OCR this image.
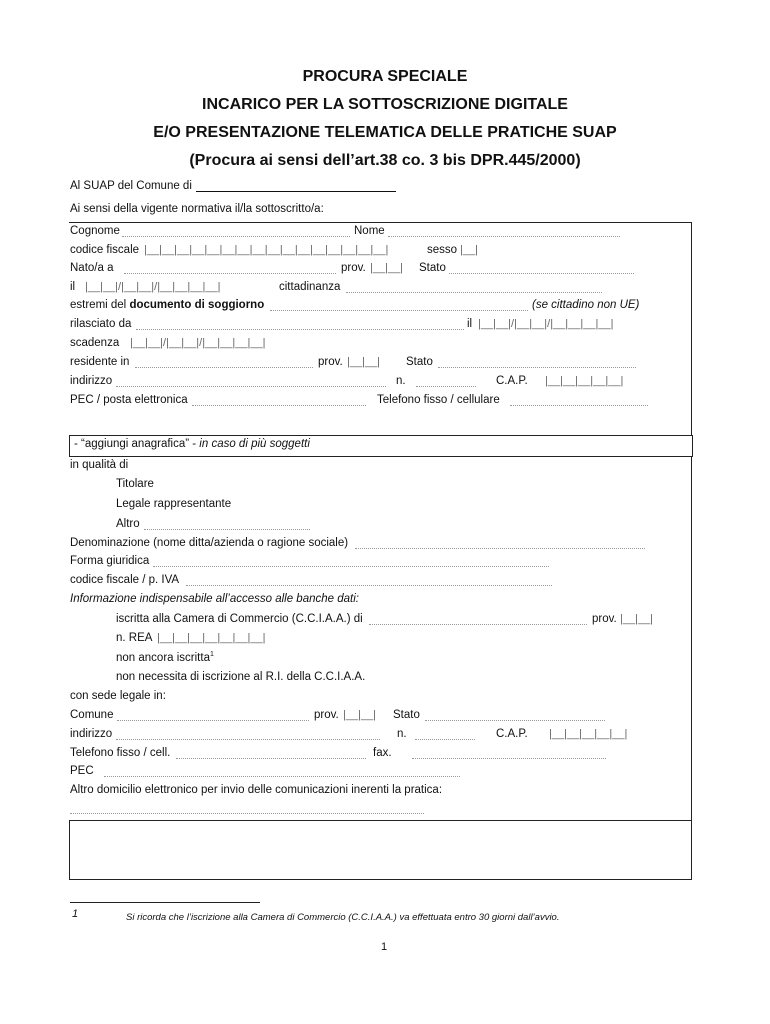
PROCURA SPECIALE
INCARICO PER LA SOTTOSCRIZIONE DIGITALE
E/O PRESENTAZIONE TELEMATICA DELLE PRATICHE SUAP
(Procura ai sensi dell’art.38 co. 3 bis DPR.445/2000)
Al SUAP del Comune di
Ai sensi della vigente normativa il/la sottoscritto/a:
Cognome	Nome
codice fiscale |__|__|__|__|__|__|__|__|__|__|__|__|__|__|__|__|	sesso |__|
Nato/a a	prov. |__|__| Stato
il |__|__|/|__|__|/|__|__|__|__|	cittadinanza
estremi del documento di soggiorno	(se cittadino non UE)
rilasciato da	il |__|__|/|__|__|/|__|__|__|__|
scadenza |__|__|/|__|__|/|__|__|__|__|
residente in	prov. |__|__| Stato
indirizzo	n.	C.A.P. |__|__|__|__|__|
PEC / posta elettronica	Telefono fisso / cellulare
- “aggiungi anagrafica” - in caso di più soggetti
in qualità di
Titolare
Legale rappresentante
Altro
Denominazione (nome ditta/azienda o ragione sociale)
Forma giuridica
codice fiscale / p. IVA
Informazione indispensabile all’accesso alle banche dati:
iscritta alla Camera di Commercio (C.C.I.A.A.) di	prov. |__|__|
n. REA |__|__|__|__|__|__|__|
non ancora iscritta$^1$
non necessita di iscrizione al R.I. della C.C.I.A.A.
con sede legale in:
Comune	prov. |__|__| Stato
indirizzo	n.	C.A.P. |__|__|__|__|__|
Telefono fisso / cell.	fax.
PEC
Altro domicilio elettronico per invio delle comunicazioni inerenti la pratica:
1	Si ricorda che l’iscrizione alla Camera di Commercio (C.C.I.A.A.) va effettuata entro 30 giorni dall’avvio.
1
